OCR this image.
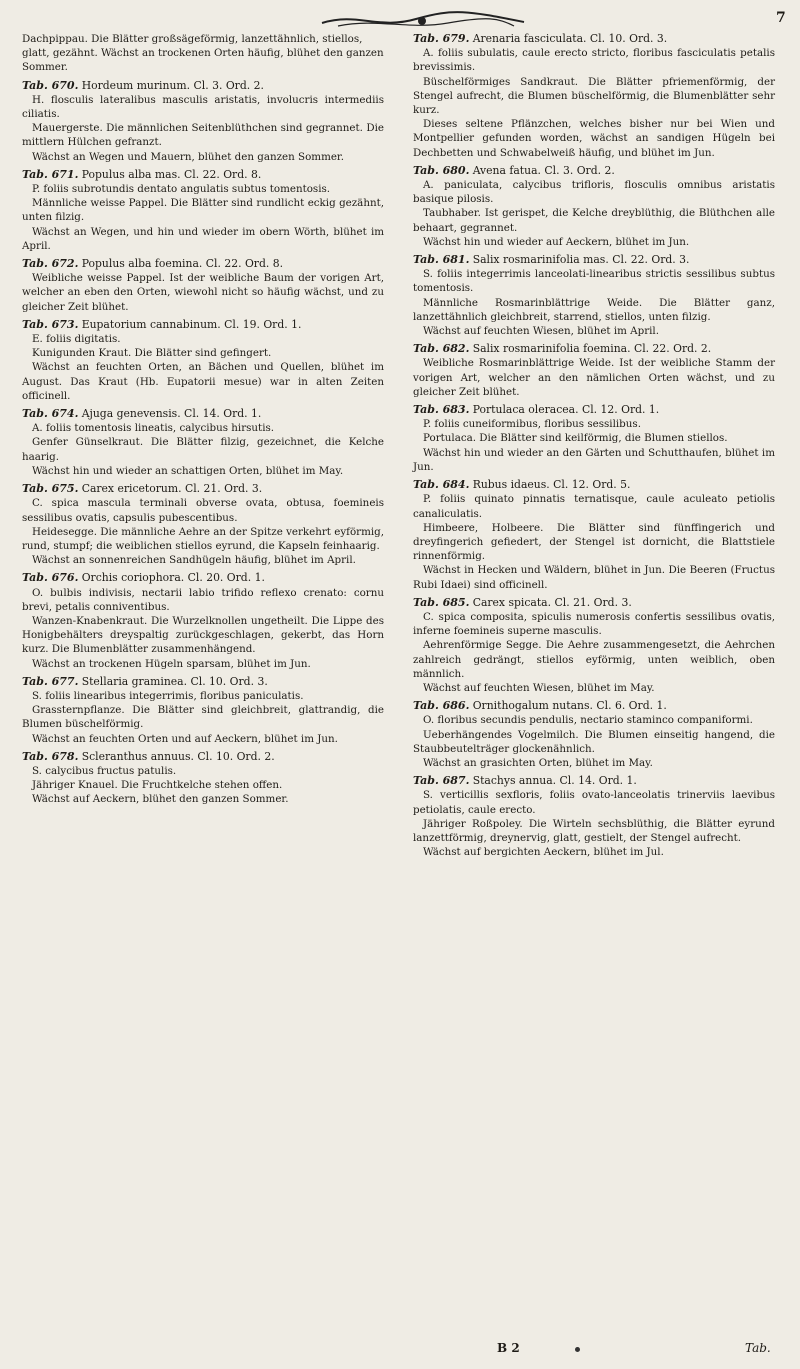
7

Dachpippau. Die Blätter großsägeförmig, lanzettähnlich, stiellos, glatt, gezähnt. Wächst an trockenen Orten häufig, blühet den ganzen Sommer.

Tab. 670. Hordeum murinum. Cl. 3. Ord. 2.

H. flosculis lateralibus masculis aristatis, involucris intermediis ciliatis.

Mauergerste. Die männlichen Seitenblüthchen sind gegrannet. Die mittlern Hülchen gefranzt.

Wächst an Wegen und Mauern, blühet den ganzen Sommer.

Tab. 671. Populus alba mas. Cl. 22. Ord. 8.

P. foliis subrotundis dentato angulatis subtus tomentosis.

Männliche weisse Pappel. Die Blätter sind rundlicht eckig gezähnt, unten filzig.

Wächst an Wegen, und hin und wieder im obern Wörth, blühet im April.

Tab. 672. Populus alba foemina. Cl. 22. Ord. 8.

Weibliche weisse Pappel. Ist der weibliche Baum der vorigen Art, welcher an eben den Orten, wiewohl nicht so häufig wächst, und zu gleicher Zeit blühet.

Tab. 673. Eupatorium cannabinum. Cl. 19. Ord. 1.

E. foliis digitatis.

Kunigunden Kraut. Die Blätter sind gefingert.

Wächst an feuchten Orten, an Bächen und Quellen, blühet im August. Das Kraut (Hb. Eupatorii mesue) war in alten Zeiten officinell.

Tab. 674. Ajuga genevensis. Cl. 14. Ord. 1.

A. foliis tomentosis lineatis, calycibus hirsutis.

Genfer Günselkraut. Die Blätter filzig, gezeichnet, die Kelche haarig.

Wächst hin und wieder an schattigen Orten, blühet im May.

Tab. 675. Carex ericetorum. Cl. 21. Ord. 3.

C. spica mascula terminali obverse ovata, obtusa, foemineis sessilibus ovatis, capsulis pubescentibus.

Heidesegge. Die männliche Aehre an der Spitze verkehrt eyförmig, rund, stumpf; die weiblichen stiellos eyrund, die Kapseln feinhaarig.

Wächst an sonnenreichen Sandhügeln häufig, blühet im April.

Tab. 676. Orchis coriophora. Cl. 20. Ord. 1.

O. bulbis indivisis, nectarii labio trifido reflexo crenato: cornu brevi, petalis conniventibus.

Wanzen-Knabenkraut. Die Wurzelknollen ungetheilt. Die Lippe des Honigbehälters dreyspaltig zurückgeschlagen, gekerbt, das Horn kurz. Die Blumenblätter zusammenhängend.

Wächst an trockenen Hügeln sparsam, blühet im Jun.

Tab. 677. Stellaria graminea. Cl. 10. Ord. 3.

S. foliis linearibus integerrimis, floribus paniculatis.

Grassternpflanze. Die Blätter sind gleichbreit, glattrandig, die Blumen büschelförmig.

Wächst an feuchten Orten und auf Aeckern, blühet im Jun.

Tab. 678. Scleranthus annuus. Cl. 10. Ord. 2.

S. calycibus fructus patulis.

Jähriger Knauel. Die Fruchtkelche stehen offen.

Wächst auf Aeckern, blühet den ganzen Sommer.

Tab. 679. Arenaria fasciculata. Cl. 10. Ord. 3.

A. foliis subulatis, caule erecto stricto, floribus fasciculatis petalis brevissimis.

Büschelförmiges Sandkraut. Die Blätter pfriemenförmig, der Stengel aufrecht, die Blumen büschelförmig, die Blumenblätter sehr kurz.

Dieses seltene Pflänzchen, welches bisher nur bei Wien und Montpellier gefunden worden, wächst an sandigen Hügeln bei Dechbetten und Schwabelweiß häufig, und blühet im Jun.

Tab. 680. Avena fatua. Cl. 3. Ord. 2.

A. paniculata, calycibus trifloris, flosculis omnibus aristatis basique pilosis.

Taubhaber. Ist gerispet, die Kelche dreyblüthig, die Blüthchen alle behaart, gegrannet.

Wächst hin und wieder auf Aeckern, blühet im Jun.

Tab. 681. Salix rosmarinifolia mas. Cl. 22. Ord. 3.

S. foliis integerrimis lanceolati-linearibus strictis sessilibus subtus tomentosis.

Männliche Rosmarinblättrige Weide. Die Blätter ganz, lanzettähnlich gleichbreit, starrend, stiellos, unten filzig.

Wächst auf feuchten Wiesen, blühet im April.

Tab. 682. Salix rosmarinifolia foemina. Cl. 22. Ord. 2.

Weibliche Rosmarinblättrige Weide. Ist der weibliche Stamm der vorigen Art, welcher an den nämlichen Orten wächst, und zu gleicher Zeit blühet.

Tab. 683. Portulaca oleracea. Cl. 12. Ord. 1.

P. foliis cuneiformibus, floribus sessilibus.

Portulaca. Die Blätter sind keilförmig, die Blumen stiellos.

Wächst hin und wieder an den Gärten und Schutthaufen, blühet im Jun.

Tab. 684. Rubus idaeus. Cl. 12. Ord. 5.

P. foliis quinato pinnatis ternatisque, caule aculeato petiolis canaliculatis.

Himbeere, Holbeere. Die Blätter sind fünffingerich und dreyfingerich gefiedert, der Stengel ist dornicht, die Blattstiele rinnenförmig.

Wächst in Hecken und Wäldern, blühet in Jun. Die Beeren (Fructus Rubi Idaei) sind officinell.

Tab. 685. Carex spicata. Cl. 21. Ord. 3.

C. spica composita, spiculis numerosis confertis sessilibus ovatis, inferne foemineis superne masculis.

Aehrenförmige Segge. Die Aehre zusammengesetzt, die Aehrchen zahlreich gedrängt, stiellos eyförmig, unten weiblich, oben männlich.

Wächst auf feuchten Wiesen, blühet im May.

Tab. 686. Ornithogalum nutans. Cl. 6. Ord. 1.

O. floribus secundis pendulis, nectario staminco companiformi.

Ueberhängendes Vogelmilch. Die Blumen einseitig hangend, die Staubbeutelträger glockenähnlich.

Wächst an grasichten Orten, blühet im May.

Tab. 687. Stachys annua. Cl. 14. Ord. 1.

S. verticillis sexfloris, foliis ovato-lanceolatis trinerviis laevibus petiolatis, caule erecto.

Jähriger Roßpoley. Die Wirteln sechsblüthig, die Blätter eyrund lanzettförmig, dreynervig, glatt, gestielt, der Stengel aufrecht.

Wächst auf bergichten Aeckern, blühet im Jul.

B 2	Tab.
